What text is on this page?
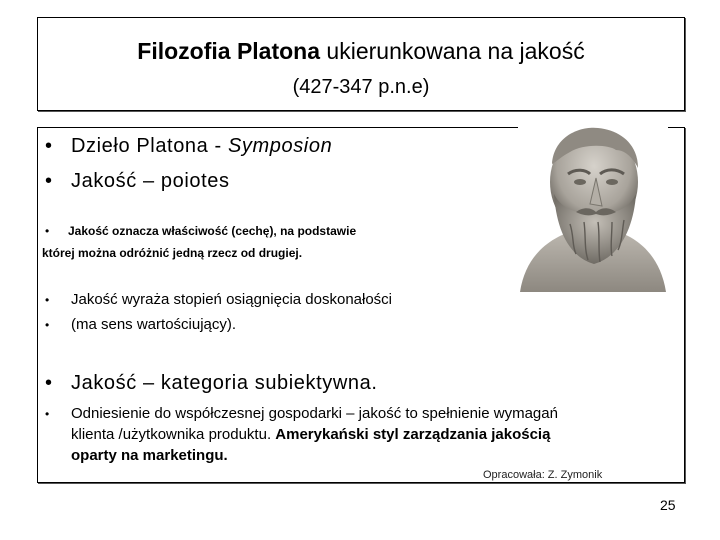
Filozofia Platona ukierunkowana na jakość
(427-347 p.n.e)
• Dzieło Platona - Symposion
• Jakość – poiotes
• Jakość oznacza właściwość (cechę), na podstawie
której można odróżnić jedną rzecz od drugiej.
• Jakość wyraża stopień osiągnięcia doskonałości
• (ma sens wartościujący).
• Jakość – kategoria subiektywna.
• Odniesienie do współczesnej gospodarki – jakość to spełnienie wymagań
klienta /użytkownika produktu. Amerykański styl zarządzania jakością
oparty na marketingu.
Opracowała: Z. Zymonik
25
